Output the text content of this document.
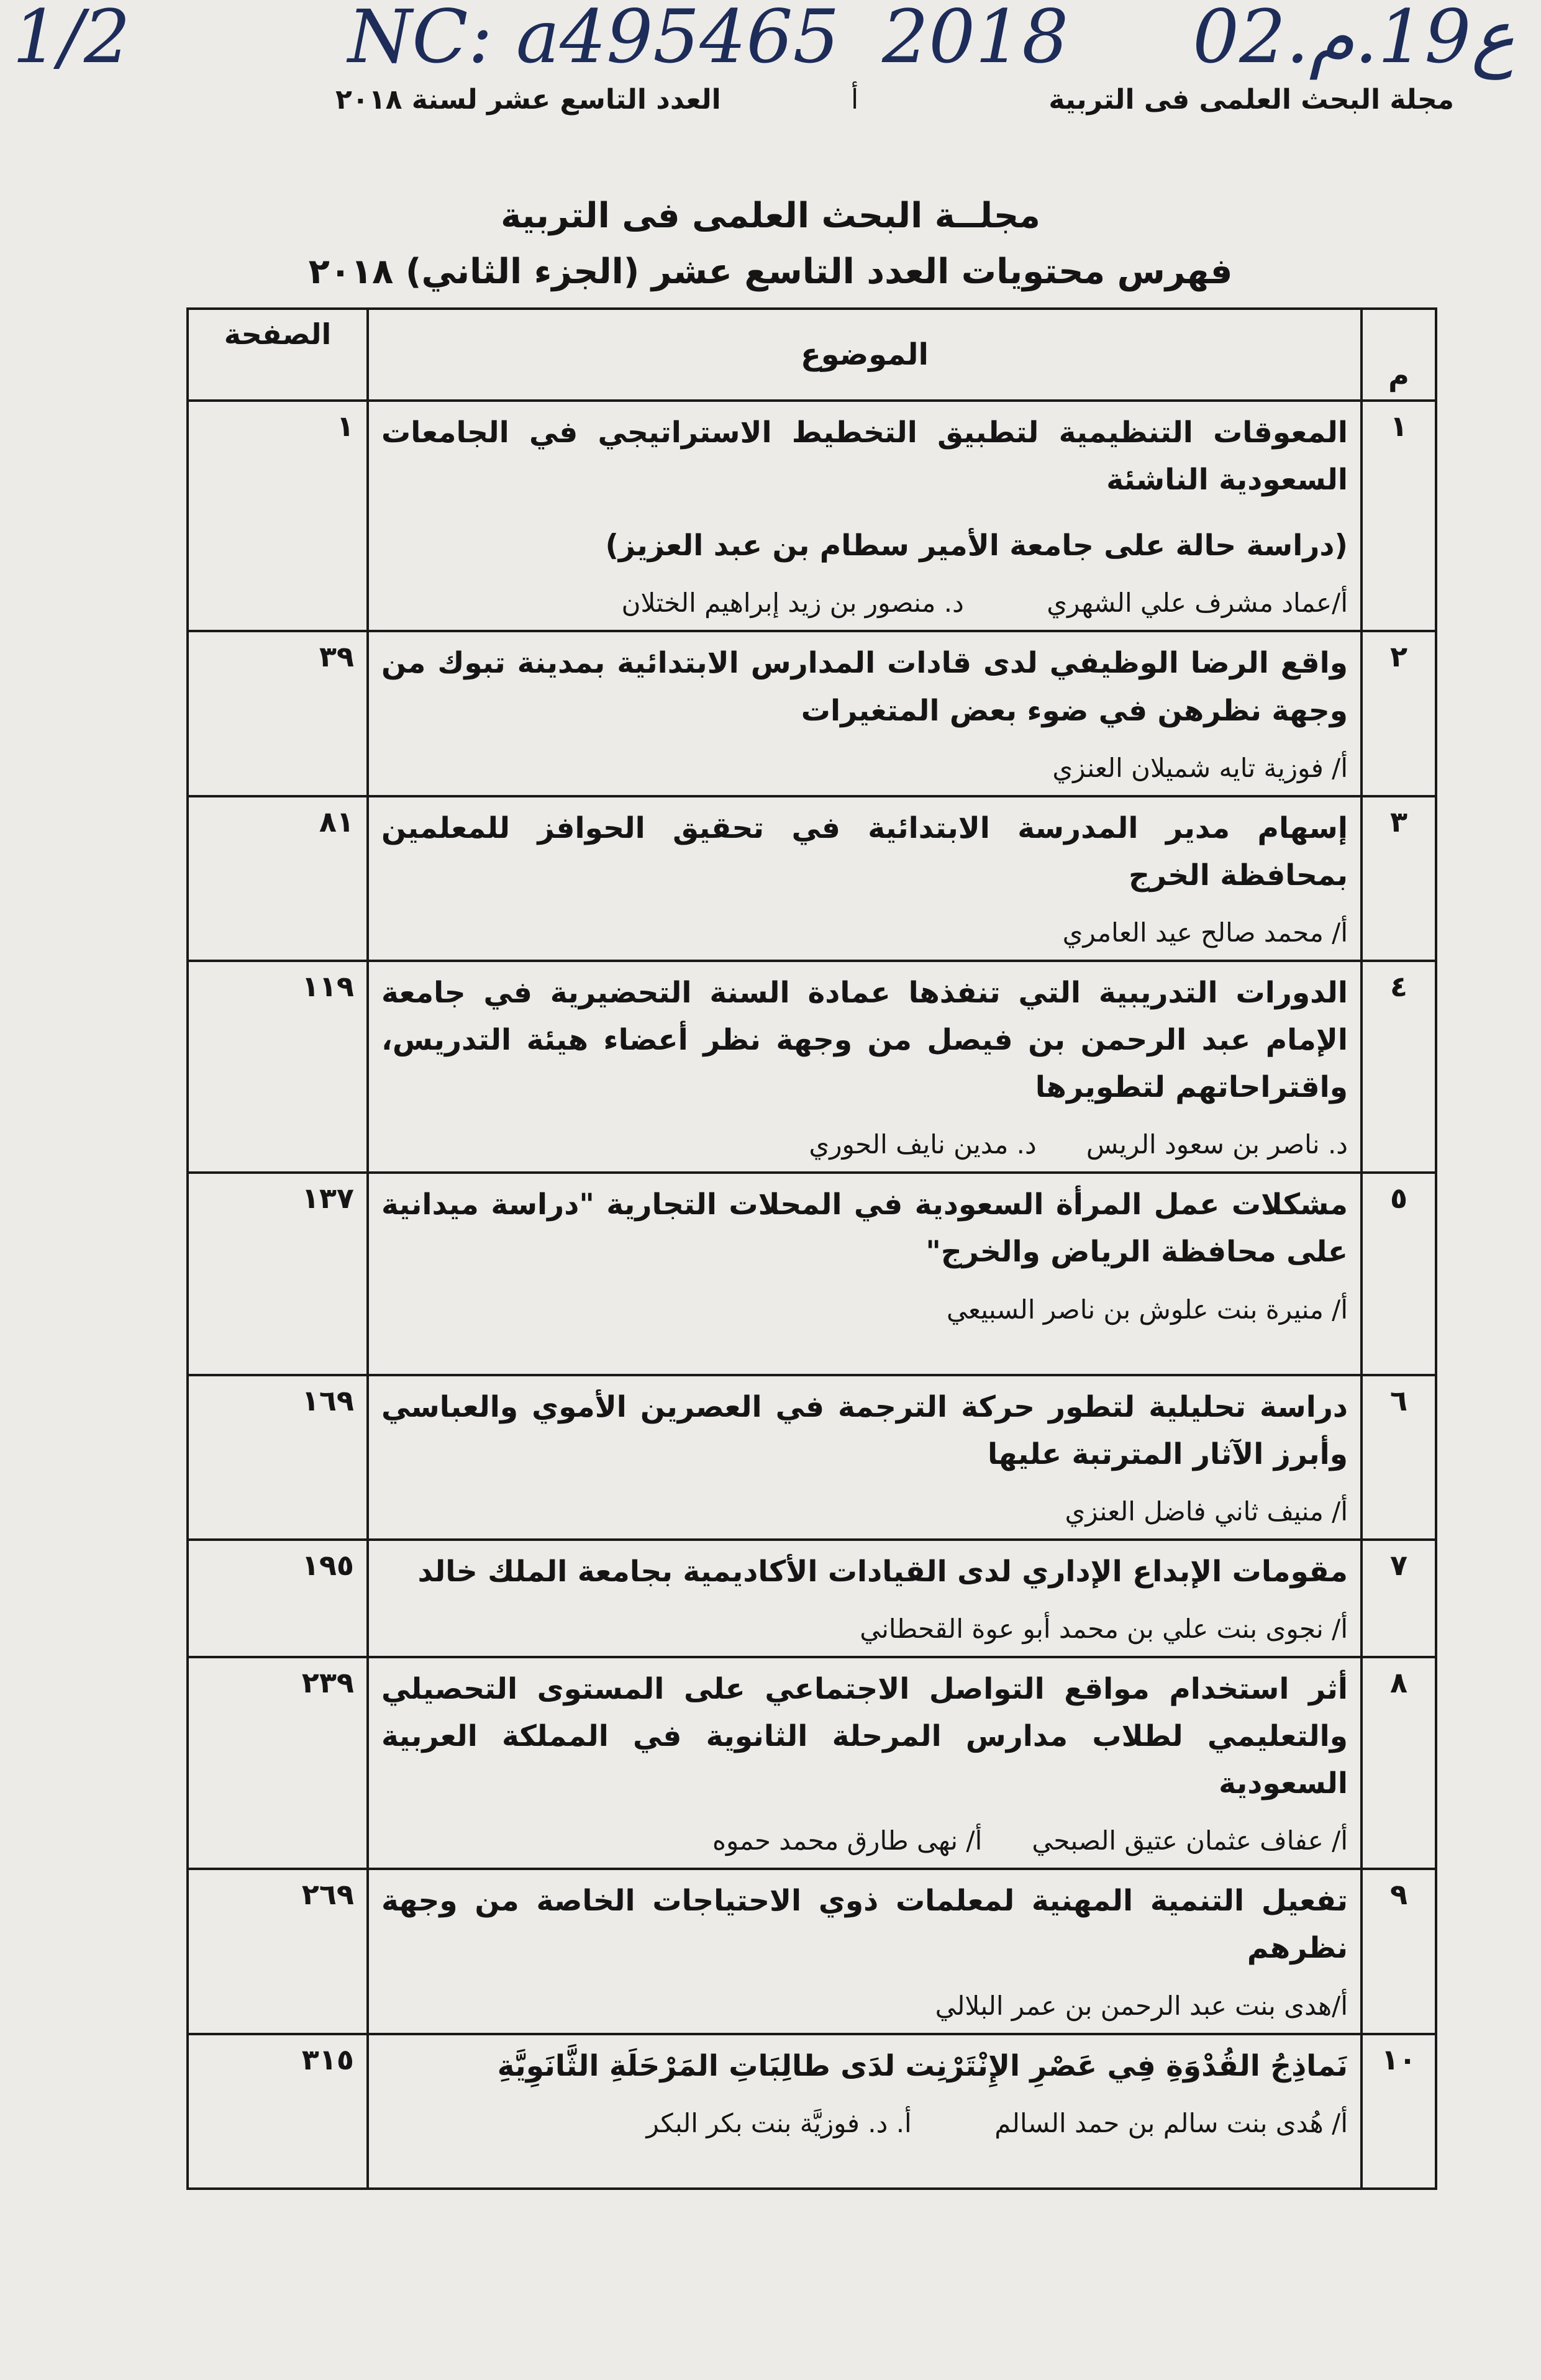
1/2	NC: a495465 2018 02.ع19.م
مجلة البحث العلمى فى التربية
أ
العدد التاسع عشر لسنة ٢٠١٨
مجلــة البحث العلمى فى التربية
فهرس محتويات العدد التاسع عشر (الجزء الثاني) ٢٠١٨
م	الموضوع	الصفحة
١	المعوقات التنظيمية لتطبيق التخطيط الاستراتيجي في الجامعات السعودية الناشئة
(دراسة حالة على جامعة الأمير سطام بن عبد العزيز)
أ/عماد مشرف علي الشهري          د. منصور بن زيد إبراهيم الختلان	١
٢	واقع الرضا الوظيفي لدى قادات المدارس الابتدائية بمدينة تبوك من وجهة نظرهن في ضوء بعض المتغيرات
أ/ فوزية تايه شميلان العنزي	٣٩
٣	إسهام مدير المدرسة الابتدائية في تحقيق الحوافز للمعلمين بمحافظة الخرج
أ/ محمد صالح عيد العامري	٨١
٤	الدورات التدريبية التي تنفذها عمادة السنة التحضيرية في جامعة الإمام عبد الرحمن بن فيصل من وجهة نظر أعضاء هيئة التدريس، واقتراحاتهم لتطويرها
د. ناصر بن سعود الريس      د. مدين نايف الحوري	١١٩
٥	مشكلات عمل المرأة السعودية في المحلات التجارية "دراسة ميدانية على محافظة الرياض والخرج"
أ/ منيرة بنت علوش بن ناصر السبيعي	١٣٧
٦	دراسة تحليلية لتطور حركة الترجمة في العصرين الأموي والعباسي وأبرز الآثار المترتبة عليها
أ/ منيف ثاني فاضل العنزي	١٦٩
٧	مقومات الإبداع الإداري لدى القيادات الأكاديمية بجامعة الملك خالد
أ/ نجوى بنت علي بن محمد أبو عوة القحطاني	١٩٥
٨	أثر استخدام مواقع التواصل الاجتماعي على المستوى التحصيلي والتعليمي لطلاب مدارس المرحلة الثانوية في المملكة العربية السعودية
أ/ عفاف عثمان عتيق الصبحي      أ/ نهى طارق محمد حموه	٢٣٩
٩	تفعيل التنمية المهنية لمعلمات ذوي الاحتياجات الخاصة من وجهة نظرهم
أ/هدى بنت عبد الرحمن بن عمر البلالي	٢٦٩
١٠	نَماذِجُ القُدْوَةِ فِي عَصْرِ الإِنْتَرْنِت لدَى طالِبَاتِ المَرْحَلَةِ الثَّانَوِيَّةِ
أ/ هُدى بنت سالم بن حمد السالم          أ. د. فوزيَّة بنت بكر البكر	٣١٥
